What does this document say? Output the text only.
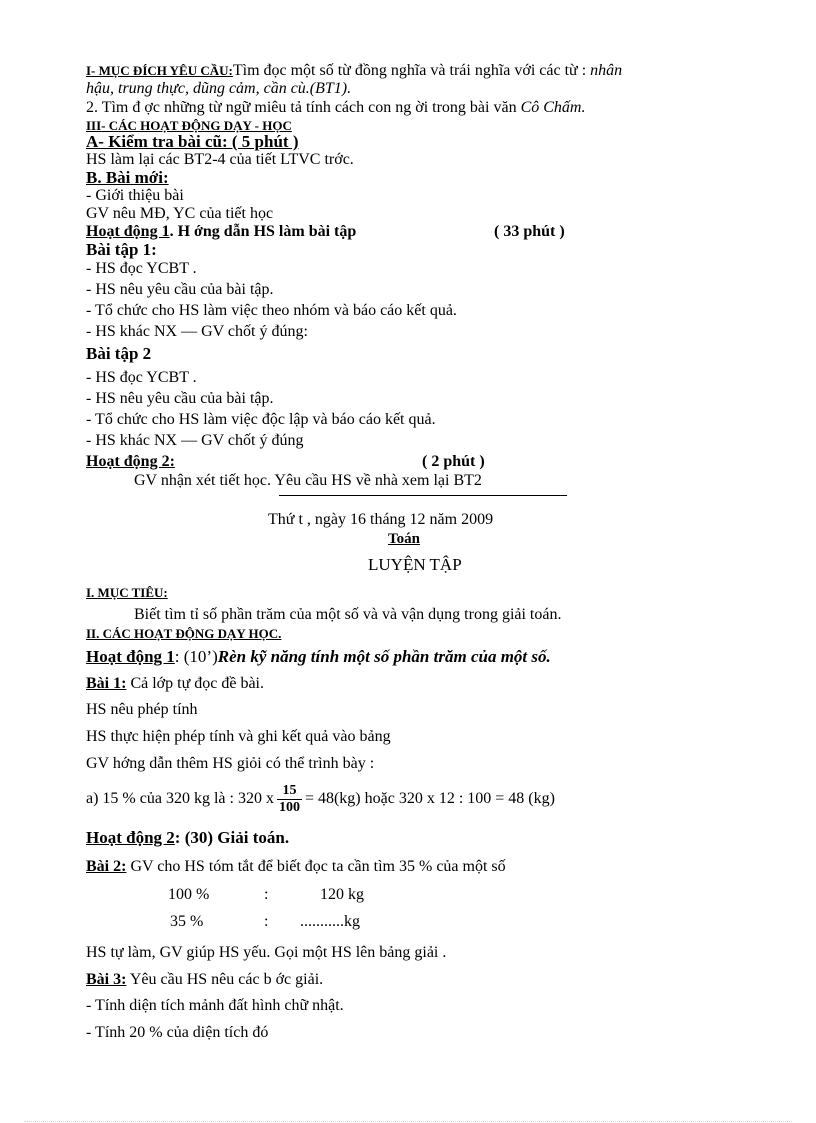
I- MỤC ĐÍCH YÊU CẦU:Tìm đọc một số từ đồng nghĩa và trái nghĩa với các từ : nhân
hậu, trung thực, dũng cảm, cần cù.(BT1).
2. Tìm đ ợc những từ ngữ miêu tả tính cách con ng ời trong bài văn Cô Chấm.
III- CÁC HOẠT ĐỘNG DẠY - HỌC
A- Kiểm tra bài cũ: ( 5 phút )
HS làm lại các BT2-4 của tiết LTVC trớc.
B. Bài mới:
- Giới thiệu bài
GV nêu MĐ, YC của tiết học
Hoạt động 1. H ớng dẫn HS làm bài tập	( 33 phút )
Bài tập 1:
- HS đọc YCBT .
- HS nêu yêu cầu của bài tập.
- Tổ chức cho HS làm việc theo nhóm và báo cáo kết quả.
- HS khác NX — GV chốt ý đúng:
Bài tập 2
- HS đọc YCBT .
- HS nêu yêu cầu của bài tập.
- Tổ chức cho HS làm việc độc lập và báo cáo kết quả.
- HS khác NX — GV chốt ý đúng
Hoạt động 2:	( 2 phút )
GV nhận xét tiết học. Yêu cầu HS về nhà xem lại BT2
Thứ t , ngày 16 tháng 12 năm 2009
Toán
LUYỆN TẬP
I. MỤC TIÊU:
Biết tìm tỉ số phần trăm của một số và và vận dụng trong giải toán.
II. CÁC HOẠT ĐỘNG DẠY HỌC.
Hoạt động 1: (10’)Rèn kỹ năng tính một số phần trăm của một số.
Bài 1: Cả lớp tự đọc đề bài.
HS nêu phép tính
HS thực hiện phép tính và ghi kết quả vào bảng
GV hớng dẫn thêm HS giỏi có thể trình bày :
a) 15 % của 320 kg là : 320 x $\frac{15}{100} = 48(kg)$ hoặc 320 x 12 : 100 = 48 (kg)
Hoạt động 2: (30) Giải toán.
Bài 2: GV cho HS tóm tắt để biết đọc ta cần tìm 35 % của một số
100 %	:	120 kg
35 %	: ...........kg
HS tự làm, GV giúp HS yếu. Gọi một HS lên bảng giải .
Bài 3: Yêu cầu HS nêu các b ớc giải.
- Tính diện tích mảnh đất hình chữ nhật.
- Tính 20 % của diện tích đó
